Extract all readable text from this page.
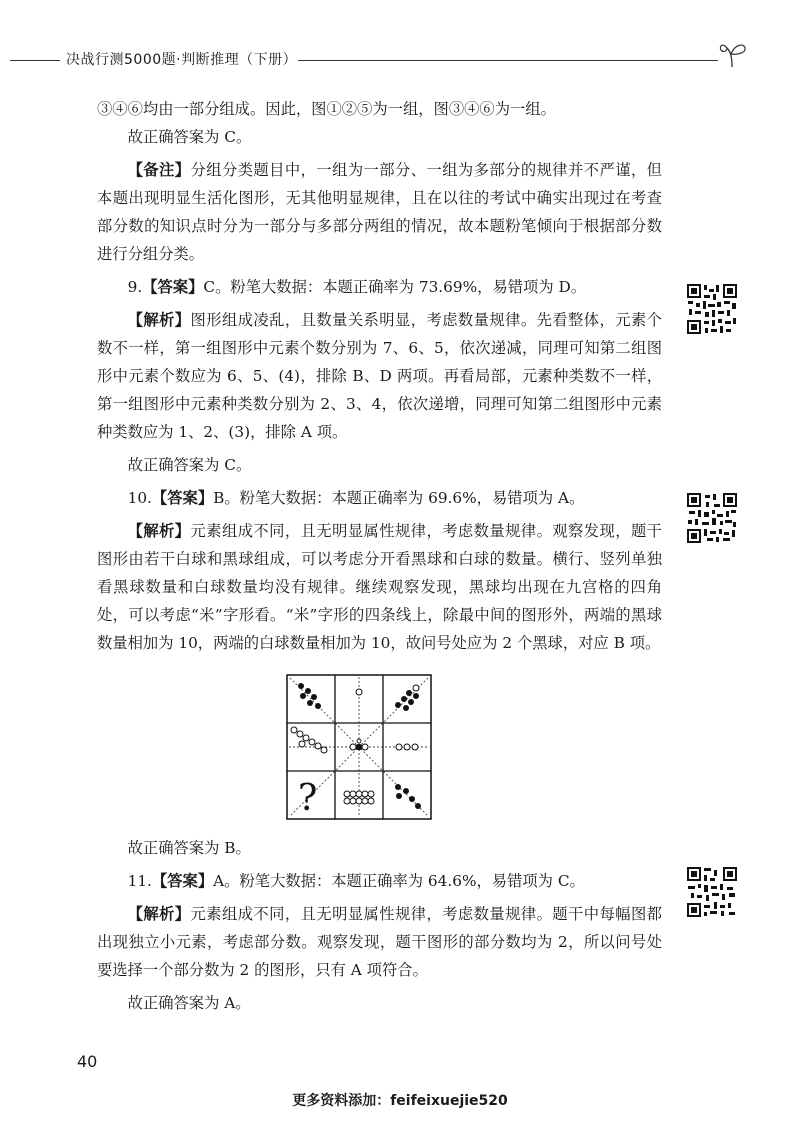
决战行测5000题·判断推理（下册）

③④⑥均由一部分组成。因此，图①②⑤为一组，图③④⑥为一组。

故正确答案为 C。

【备注】分组分类题目中，一组为一部分、一组为多部分的规律并不严谨，但本题出现明显生活化图形，无其他明显规律，且在以往的考试中确实出现过在考查部分数的知识点时分为一部分与多部分两组的情况，故本题粉笔倾向于根据部分数进行分组分类。

9.【答案】C。粉笔大数据：本题正确率为 73.69%，易错项为 D。

【解析】图形组成凌乱，且数量关系明显，考虑数量规律。先看整体，元素个数不一样，第一组图形中元素个数分别为 7、6、5，依次递减，同理可知第二组图形中元素个数应为 6、5、(4)，排除 B、D 两项。再看局部，元素种类数不一样，第一组图形中元素种类数分别为 2、3、4，依次递增，同理可知第二组图形中元素种类数应为 1、2、(3)，排除 A 项。

故正确答案为 C。

10.【答案】B。粉笔大数据：本题正确率为 69.6%，易错项为 A。

【解析】元素组成不同，且无明显属性规律，考虑数量规律。观察发现，题干图形由若干白球和黑球组成，可以考虑分开看黑球和白球的数量。横行、竖列单独看黑球数量和白球数量均没有规律。继续观察发现，黑球均出现在九宫格的四角处，可以考虑“米”字形看。“米”字形的四条线上，除最中间的图形外，两端的黑球数量相加为 10，两端的白球数量相加为 10，故问号处应为 2 个黑球，对应 B 项。

?

故正确答案为 B。

11.【答案】A。粉笔大数据：本题正确率为 64.6%，易错项为 C。

【解析】元素组成不同，且无明显属性规律，考虑数量规律。题干中每幅图都出现独立小元素，考虑部分数。观察发现，题干图形的部分数均为 2，所以问号处要选择一个部分数为 2 的图形，只有 A 项符合。

故正确答案为 A。

40
更多资料添加：feifeixuejie520
